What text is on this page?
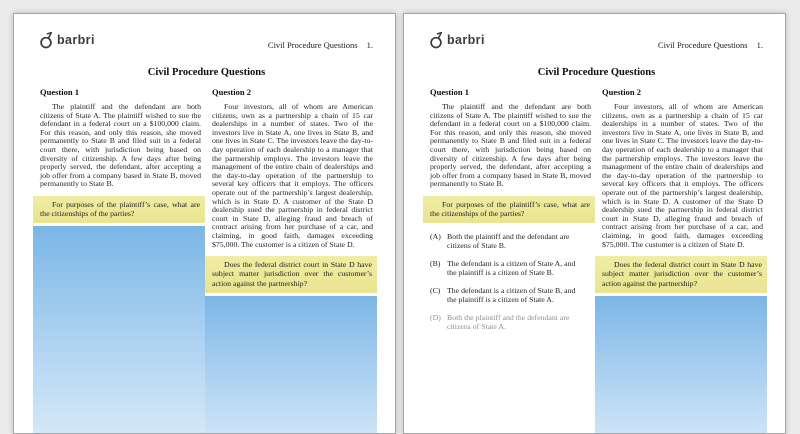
barbri	Civil Procedure Questions 1.
Civil Procedure Questions
Question 1

The plaintiff and the defendant are both citizens of State A. The plaintiff wished to sue the defendant in a federal court on a $100,000 claim. For this reason, and only this reason, she moved permanently to State B and filed suit in a federal court there, with jurisdiction being based on diversity of citizenship. A few days after being properly served, the defendant, after accepting a job offer from a company based in State B, moved permanently to State B.

For purposes of the plaintiff’s case, what are the citizenships of the parties?

Question 2

Four investors, all of whom are American citizens, own as a partnership a chain of 15 car dealerships in a number of states. Two of the investors live in State A, one lives in State B, and one lives in State C. The investors leave the day-to-day operation of each dealership to a manager that the partnership employs. The investors leave the management of the entire chain of dealerships and the day-to-day operation of the partnership to several key officers that it employs. The officers operate out of the partnership’s largest dealership, which is in State D. A customer of the State D dealership sued the partnership in federal district court in State D, alleging fraud and breach of contract arising from her purchase of a car, and claiming, in good faith, damages exceeding $75,000. The customer is a citizen of State D.

Does the federal district court in State D have subject matter jurisdiction over the customer’s action against the partnership?

barbri	Civil Procedure Questions 1.
Civil Procedure Questions
Question 1

The plaintiff and the defendant are both citizens of State A. The plaintiff wished to sue the defendant in a federal court on a $100,000 claim. For this reason, and only this reason, she moved permanently to State B and filed suit in a federal court there, with jurisdiction being based on diversity of citizenship. A few days after being properly served, the defendant, after accepting a job offer from a company based in State B, moved permanently to State B.

For purposes of the plaintiff’s case, what are the citizenships of the parties?

(A) Both the plaintiff and the defendant are citizens of State B.
(B) The defendant is a citizen of State A, and the plaintiff is a citizen of State B.
(C) The defendant is a citizen of State B, and the plaintiff is a citizen of State A.
(D) Both the plaintiff and the defendant are citizens of State A.
Question 2

Four investors, all of whom are American citizens, own as a partnership a chain of 15 car dealerships in a number of states. Two of the investors live in State A, one lives in State B, and one lives in State C. The investors leave the day-to-day operation of each dealership to a manager that the partnership employs. The investors leave the management of the entire chain of dealerships and the day-to-day operation of the partnership to several key officers that it employs. The officers operate out of the partnership’s largest dealership, which is in State D. A customer of the State D dealership sued the partnership in federal district court in State D, alleging fraud and breach of contract arising from her purchase of a car, and claiming, in good faith, damages exceeding $75,000. The customer is a citizen of State D.

Does the federal district court in State D have subject matter jurisdiction over the customer’s action against the partnership?
